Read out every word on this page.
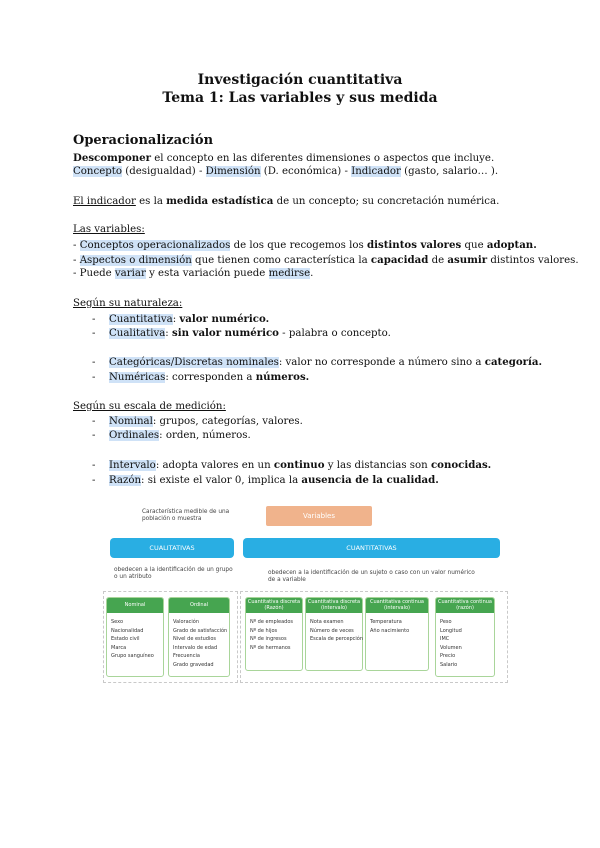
Investigación cuantitativa
Tema 1: Las variables y sus medida
Operacionalización
Descomponer el concepto en las diferentes dimensiones o aspectos que incluye.
Concepto (desigualdad) - Dimensión (D. económica) - Indicador (gasto, salario… ).
El indicador es la medida estadística de un concepto; su concretación numérica.
Las variables:
- Conceptos operacionalizados de los que recogemos los distintos valores que adoptan.
- Aspectos o dimensión que tienen como característica la capacidad de asumir distintos valores.
- Puede variar y esta variación puede medirse.
Según su naturaleza:
- Cuantitativa: valor numérico.
- Cualitativa: sin valor numérico - palabra o concepto.
- Categóricas/Discretas nominales: valor no corresponde a número sino a categoría.
- Numéricas: corresponden a números.
Según su escala de medición:
- Nominal: grupos, categorías, valores.
- Ordinales: orden, números.
- Intervalo: adopta valores en un continuo y las distancias son conocidas.
- Razón: si existe el valor 0, implica la ausencia de la cualidad.
Característica medible de una población o muestra	Variables
CUALITATIVAS	CUANTITATIVAS
obedecen a la identificación de un grupo o un atributo
obedecen a la identificación de un sujeto o caso con un valor numérico de a variable
Nominal
Sexo
Nacionalidad
Estado civil
Marca
Grupo sanguíneo
Ordinal
Valoración
Grado de satisfacción
Nivel de estudios
Intervalo de edad
Frecuencia
Grado gravedad
Cuantitativa discreta (Razón)
Nº de empleados
Nº de hijos
Nº de ingresos
Nº de hermanos
Cuantitativa discreta (intervalo)
Nota examen
Número de veces
Escala de percepción
Cuantitativa continua (intervalo)
Temperatura
Año nacimiento
Cuantitativa continua (razón)
Peso
Longitud
IMC
Volumen
Precio
Salario
